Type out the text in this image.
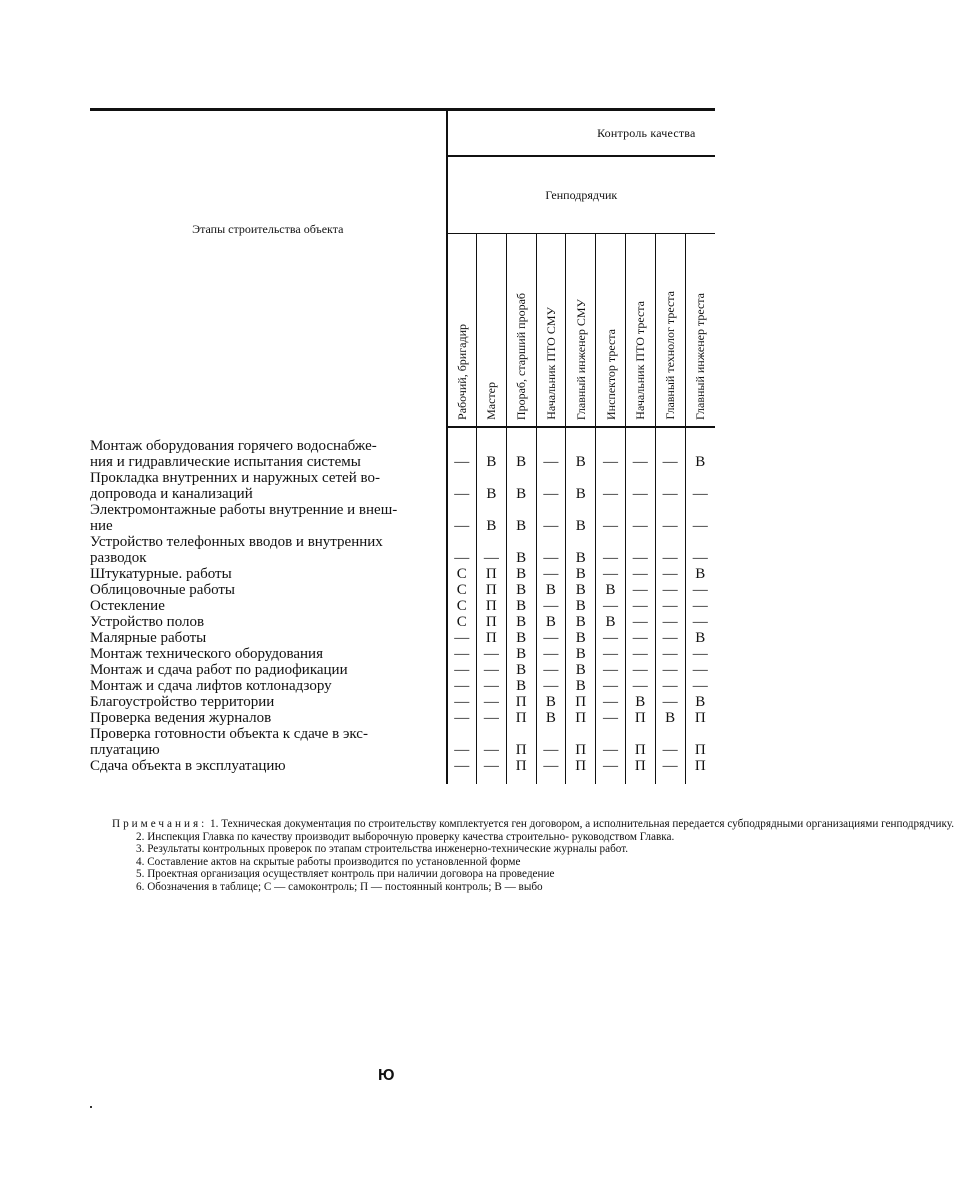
Этапы строительства объекта	Контроль качества								
	Генподрядчик								

	Рабочий, бригадир	Мастер	Прораб, старший прораб	Начальник ПТО СМУ	Главный инженер СМУ	Инспектор треста	Начальник ПТО треста	Главный технолог треста	Главный инженер треста

Монтаж оборудования горячего водоснабже-
ния и гидравлические испытания системы	—	В	В	—	В	—	—	—	В

Прокладка внутренних и наружных сетей во-
допровода и канализаций	—	В	В	—	В	—	—	—	—

Электромонтажные работы внутренние и внеш-
ние	—	В	В	—	В	—	—	—	—

Устройство телефонных вводов и внутренних
разводок	—	—	В	—	В	—	—	—	—

Штукатурные. работы	С	П	В	—	В	—	—	—	В

Облицовочные работы	С	П	В	В	В	В	—	—	—

Остекление	С	П	В	—	В	—	—	—	—

Устройство полов	С	П	В	В	В	В	—	—	—

Малярные работы	—	П	В	—	В	—	—	—	В

Монтаж технического оборудования	—	—	В	—	В	—	—	—	—

Монтаж и сдача работ по радиофикации	—	—	В	—	В	—	—	—	—

Монтаж и сдача лифтов котлонадзору	—	—	В	—	В	—	—	—	—

Благоустройство территории	—	—	П	В	П	—	В	—	В

Проверка ведения журналов	—	—	П	В	П	—	П	В	П

Проверка готовности объекта к сдаче в экс-
плуатацию	—	—	П	—	П	—	П	—	П

Сдача объекта в эксплуатацию	—	—	П	—	П	—	П	—	П

Примечания: 1. Техническая документация по строительству комплектуется ген договором, а исполнительная передается субподрядными организациями генподрядчику.

2. Инспекция Главка по качеству производит выборочную проверку качества строительно- руководством Главка.

3. Результаты контрольных проверок по этапам строительства инженерно-технические журналы работ.

4. Составление актов на скрытые работы производится по установленной форме

5. Проектная организация осуществляет контроль при наличии договора на проведение

6. Обозначения в таблице; С — самоконтроль; П — постоянный контроль; В — выбо

Ю
